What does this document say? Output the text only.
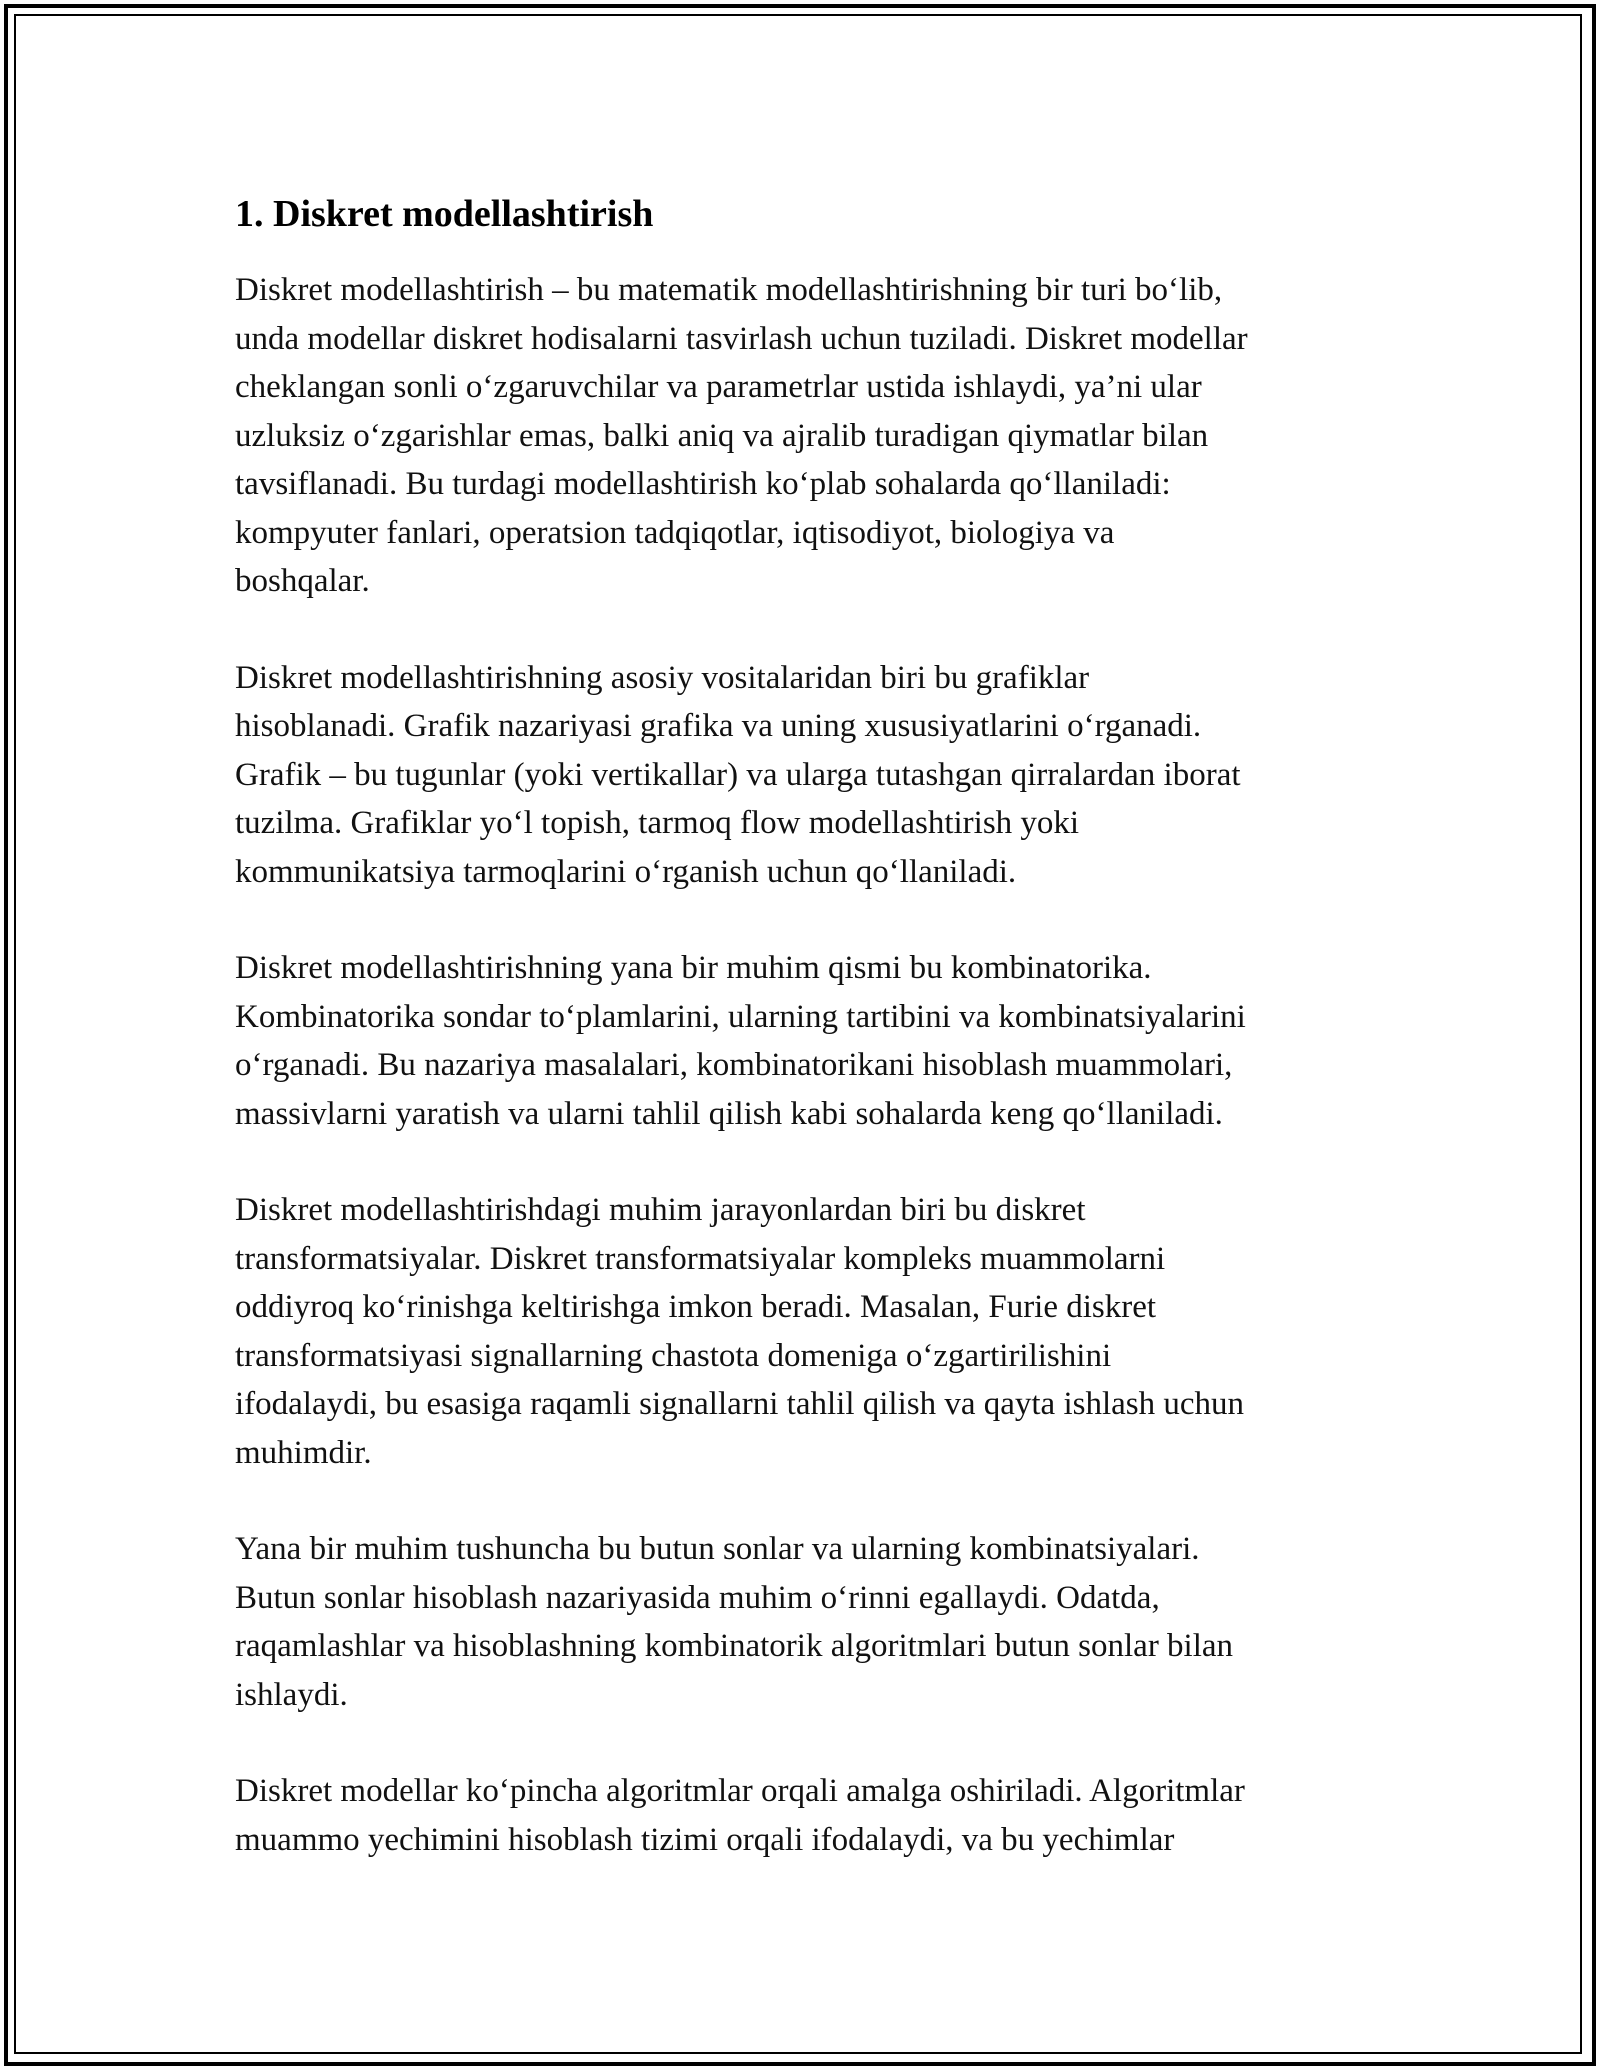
1. Diskret modellashtirish

Diskret modellashtirish – bu matematik modellashtirishning bir turi bo‘lib,
unda modellar diskret hodisalarni tasvirlash uchun tuziladi. Diskret modellar
cheklangan sonli o‘zgaruvchilar va parametrlar ustida ishlaydi, ya’ni ular
uzluksiz o‘zgarishlar emas, balki aniq va ajralib turadigan qiymatlar bilan
tavsiflanadi. Bu turdagi modellashtirish ko‘plab sohalarda qo‘llaniladi:
kompyuter fanlari, operatsion tadqiqotlar, iqtisodiyot, biologiya va
boshqalar.

Diskret modellashtirishning asosiy vositalaridan biri bu grafiklar
hisoblanadi. Grafik nazariyasi grafika va uning xususiyatlarini o‘rganadi.
Grafik – bu tugunlar (yoki vertikallar) va ularga tutashgan qirralardan iborat
tuzilma. Grafiklar yo‘l topish, tarmoq flow modellashtirish yoki
kommunikatsiya tarmoqlarini o‘rganish uchun qo‘llaniladi.

Diskret modellashtirishning yana bir muhim qismi bu kombinatorika.
Kombinatorika sondar to‘plamlarini, ularning tartibini va kombinatsiyalarini
o‘rganadi. Bu nazariya masalalari, kombinatorikani hisoblash muammolari,
massivlarni yaratish va ularni tahlil qilish kabi sohalarda keng qo‘llaniladi.

Diskret modellashtirishdagi muhim jarayonlardan biri bu diskret
transformatsiyalar. Diskret transformatsiyalar kompleks muammolarni
oddiyroq ko‘rinishga keltirishga imkon beradi. Masalan, Furie diskret
transformatsiyasi signallarning chastota domeniga o‘zgartirilishini
ifodalaydi, bu esasiga raqamli signallarni tahlil qilish va qayta ishlash uchun
muhimdir.

Yana bir muhim tushuncha bu butun sonlar va ularning kombinatsiyalari.
Butun sonlar hisoblash nazariyasida muhim o‘rinni egallaydi. Odatda,
raqamlashlar va hisoblashning kombinatorik algoritmlari butun sonlar bilan
ishlaydi.

Diskret modellar ko‘pincha algoritmlar orqali amalga oshiriladi. Algoritmlar
muammo yechimini hisoblash tizimi orqali ifodalaydi, va bu yechimlar
